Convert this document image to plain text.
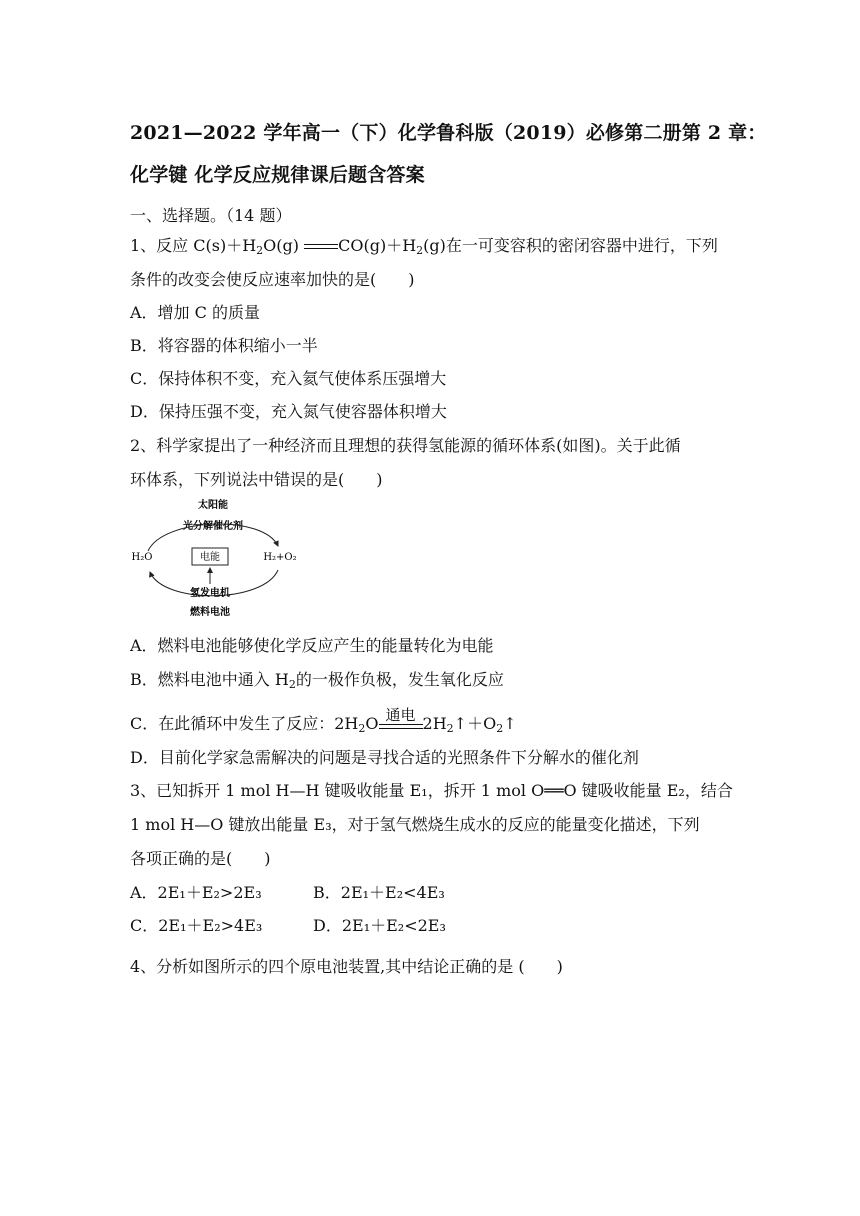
2021—2022 学年高一（下）化学鲁科版（2019）必修第二册第 2 章：
化学键 化学反应规律课后题含答案
一、选择题。（14 题）
1、反应 $C(s)+H_2O(g)$ $CO(g)+H_2(g)$在一可变容积的密闭容器中进行，下列
条件的改变会使反应速率加快的是(　　)
A．增加 C 的质量
B．将容器的体积缩小一半
C．保持体积不变，充入氦气使体系压强增大
D．保持压强不变，充入氮气使容器体积增大
2、科学家提出了一种经济而且理想的获得氢能源的循环体系(如图)。关于此循
环体系，下列说法中错误的是(　　)
太阳能
光分解催化剂
H₂O	H₂+O₂
电能
氢发电机
燃料电池
A．燃料电池能够使化学反应产生的能量转化为电能
B．燃料电池中通入 $H_2$的一极作负极，发生氧化反应
C．在此循环中发生了反应：$2H_2O$ 通电 $2H_2↑+O_2↑$
D．目前化学家急需解决的问题是寻找合适的光照条件下分解水的催化剂
3、已知拆开 1 mol H—H 键吸收能量 E₁，拆开 1 mol O══O 键吸收能量 E₂，结合
1 mol H—O 键放出能量 E₃，对于氢气燃烧生成水的反应的能量变化描述，下列
各项正确的是(　　)
A．2E₁＋E₂>2E₃	B．2E₁＋E₂<4E₃
C．2E₁＋E₂>4E₃	D．2E₁＋E₂<2E₃
4、分析如图所示的四个原电池装置,其中结论正确的是 (　　)
